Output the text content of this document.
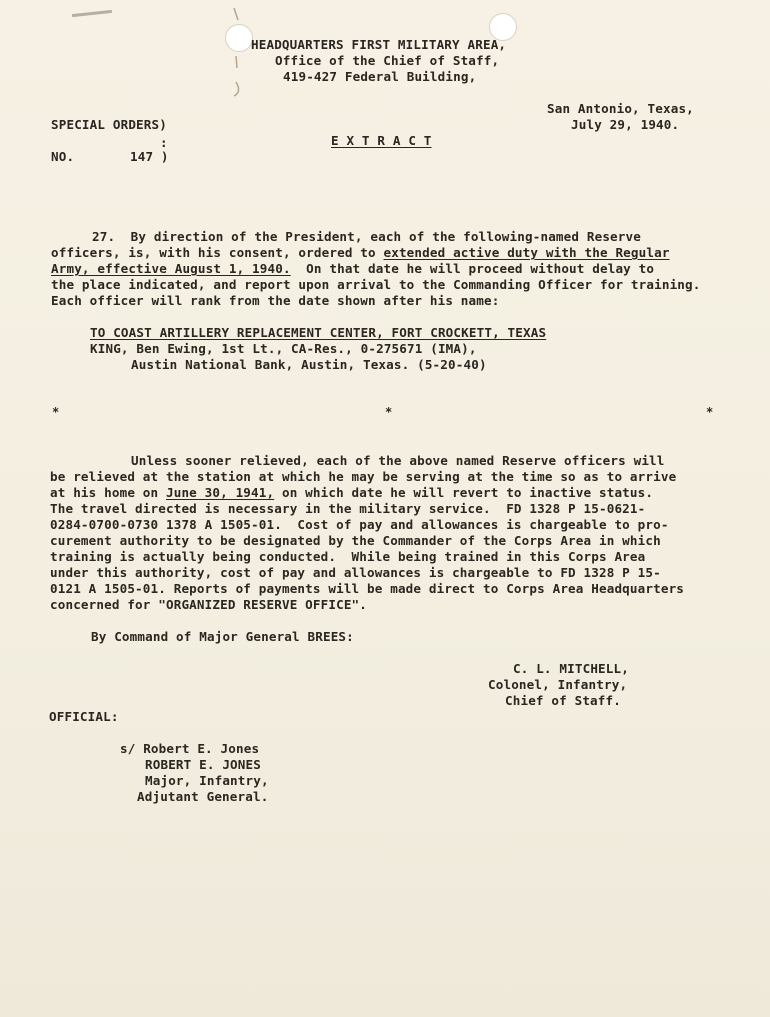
HEADQUARTERS FIRST MILITARY AREA,
Office of the Chief of Staff,
419-427 Federal Building,
San Antonio, Texas,
July 29, 1940.
SPECIAL ORDERS)
:
NO.	147 )
E X T R A C T
27.  By direction of the President, each of the following-named Reserve
officers, is, with his consent, ordered to extended active duty with the Regular
Army, effective August 1, 1940.  On that date he will proceed without delay to
the place indicated, and report upon arrival to the Commanding Officer for training.
Each officer will rank from the date shown after his name:
TO COAST ARTILLERY REPLACEMENT CENTER, FORT CROCKETT, TEXAS
KING, Ben Ewing, 1st Lt., CA-Res., 0-275671 (IMA),
Austin National Bank, Austin, Texas. (5-20-40)
*	*	*
Unless sooner relieved, each of the above named Reserve officers will
be relieved at the station at which he may be serving at the time so as to arrive
at his home on June 30, 1941, on which date he will revert to inactive status.
The travel directed is necessary in the military service.  FD 1328 P 15-0621-
0284-0700-0730 1378 A 1505-01.  Cost of pay and allowances is chargeable to pro-
curement authority to be designated by the Commander of the Corps Area in which
training is actually being conducted.  While being trained in this Corps Area
under this authority, cost of pay and allowances is chargeable to FD 1328 P 15-
0121 A 1505-01. Reports of payments will be made direct to Corps Area Headquarters
concerned for "ORGANIZED RESERVE OFFICE".
By Command of Major General BREES:
C. L. MITCHELL,
Colonel, Infantry,
Chief of Staff.
OFFICIAL:
s/ Robert E. Jones
ROBERT E. JONES
Major, Infantry,
Adjutant General.
